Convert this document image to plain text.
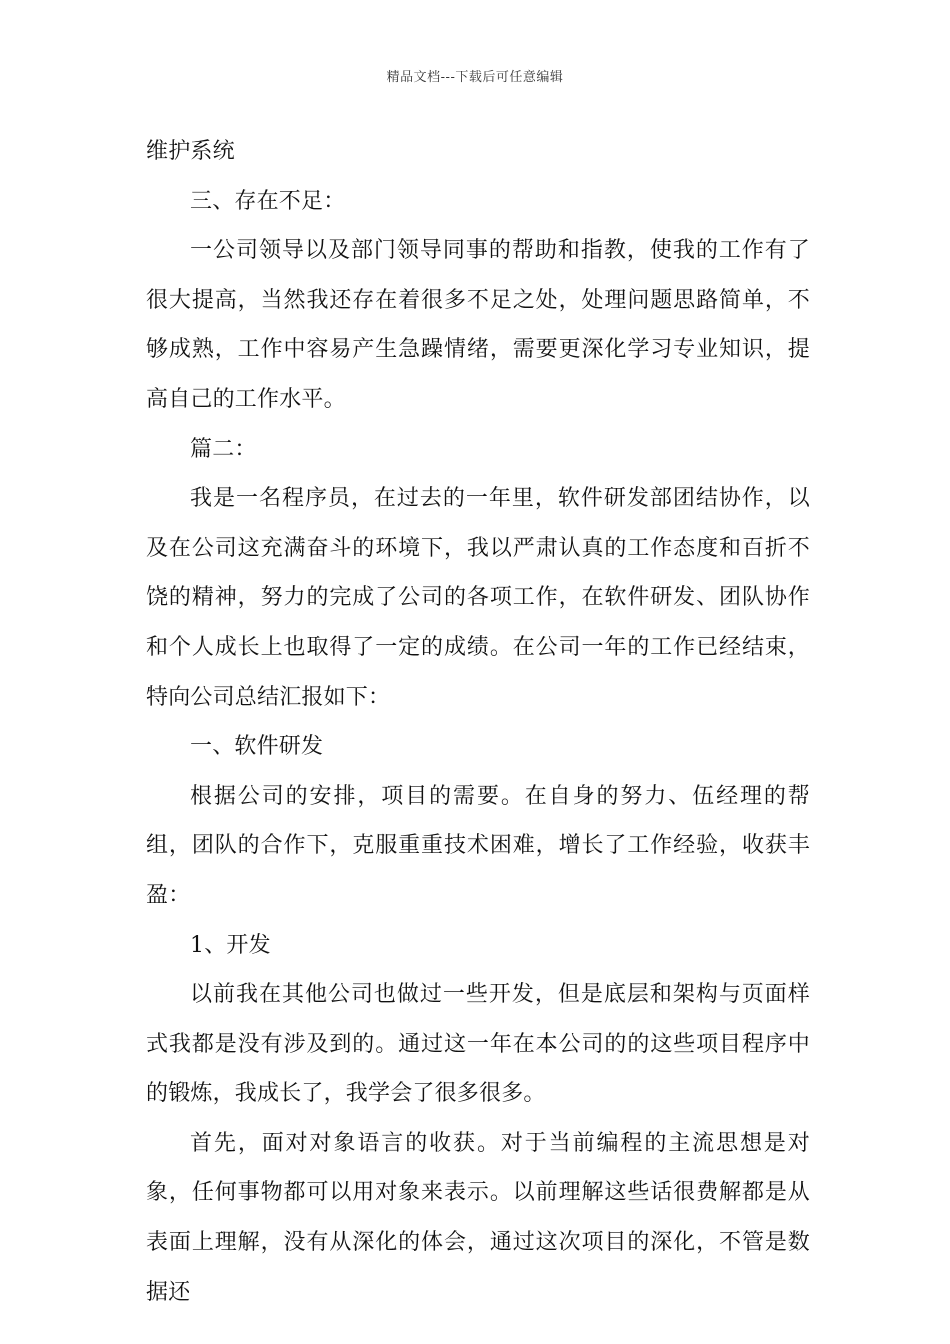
精品文档---下载后可任意编辑

维护系统

三、存在不足：

一公司领导以及部门领导同事的帮助和指教，使我的工作有了很大提高，当然我还存在着很多不足之处，处理问题思路简单，不够成熟，工作中容易产生急躁情绪，需要更深化学习专业知识，提高自己的工作水平。

篇二：

我是一名程序员，在过去的一年里，软件研发部团结协作，以及在公司这充满奋斗的环境下，我以严肃认真的工作态度和百折不饶的精神，努力的完成了公司的各项工作，在软件研发、团队协作和个人成长上也取得了一定的成绩。在公司一年的工作已经结束，特向公司总结汇报如下：

一、软件研发

根据公司的安排，项目的需要。在自身的努力、伍经理的帮组，团队的合作下，克服重重技术困难，增长了工作经验，收获丰盈：

1、开发

以前我在其他公司也做过一些开发，但是底层和架构与页面样式我都是没有涉及到的。通过这一年在本公司的的这些项目程序中的锻炼，我成长了，我学会了很多很多。

首先，面对对象语言的收获。对于当前编程的主流思想是对象，任何事物都可以用对象来表示。以前理解这些话很费解都是从表面上理解，没有从深化的体会，通过这次项目的深化，不管是数据还
